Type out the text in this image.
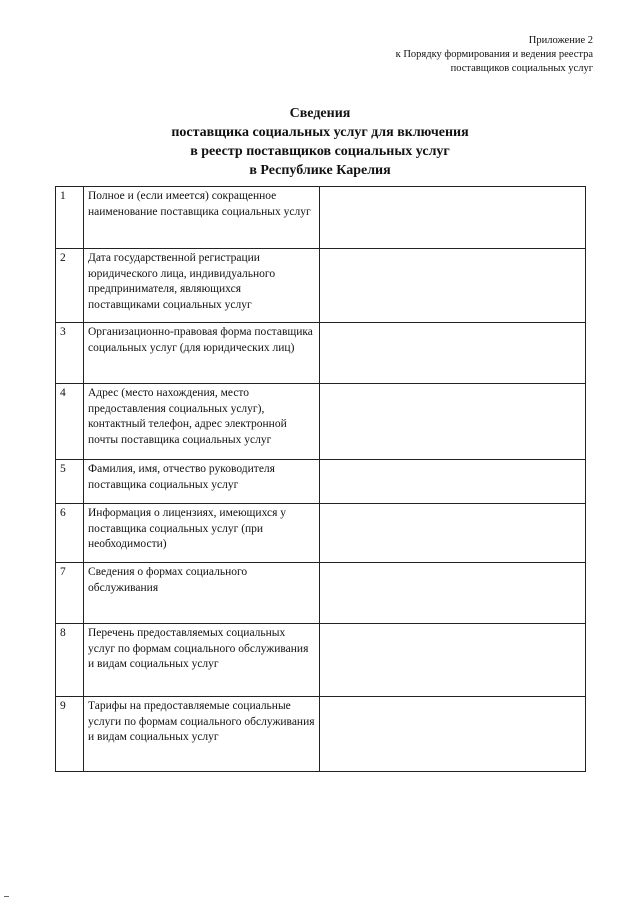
Приложение 2
к Порядку формирования и ведения реестра
поставщиков социальных услуг
Сведения
поставщика социальных услуг для включения
в реестр поставщиков социальных услуг
в Республике Карелия
1	Полное и (если имеется) сокращенное наименование поставщика социальных услуг	
2	Дата государственной регистрации юридического лица, индивидуального предпринимателя, являющихся поставщиками социальных услуг	
3	Организационно-правовая форма поставщика социальных услуг (для юридических лиц)	
4	Адрес (место нахождения, место предоставления социальных услуг), контактный телефон, адрес электронной почты поставщика социальных услуг	
5	Фамилия, имя, отчество руководителя поставщика социальных услуг	
6	Информация о лицензиях, имеющихся у поставщика социальных услуг (при необходимости)	
7	Сведения о формах социального обслуживания	
8	Перечень предоставляемых социальных услуг по формам социального обслуживания и видам социальных услуг	
9	Тарифы на предоставляемые социальные услуги по формам социального обслуживания и видам социальных услуг	
